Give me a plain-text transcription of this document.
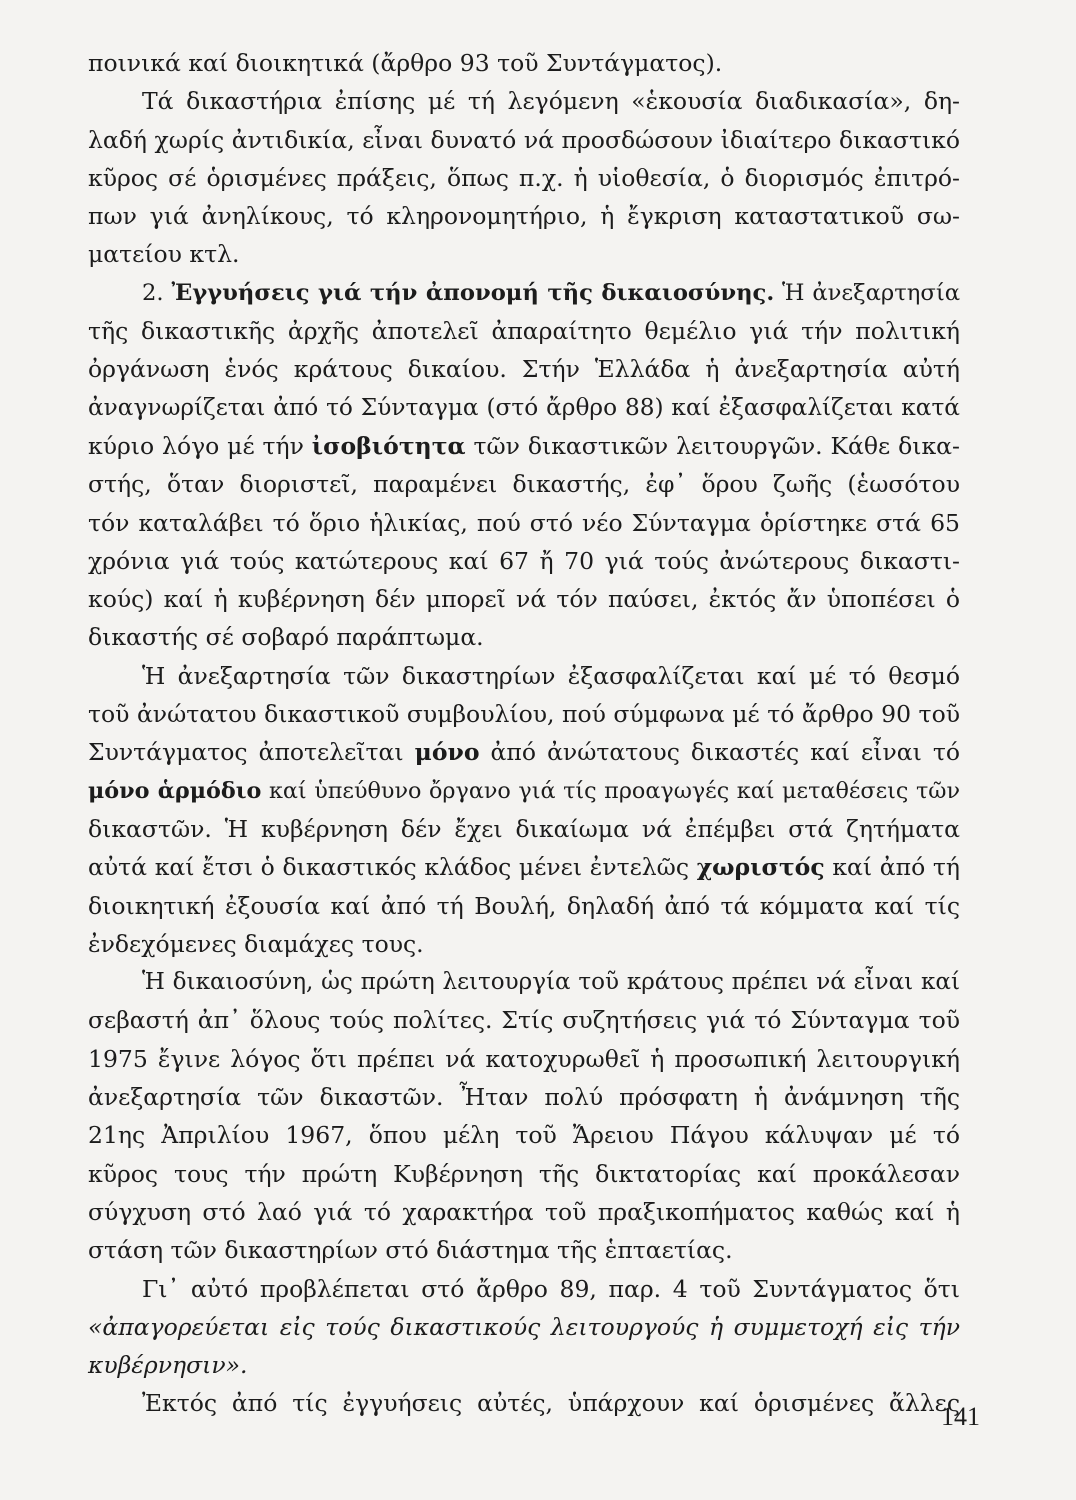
ποινικά καί διοικητικά (ἄρθρο 93 τοῦ Συντάγματος).
Τά δικαστήρια ἐπίσης μέ τή λεγόμενη «ἑκουσία διαδικασία», δη-
λαδή χωρίς ἀντιδικία, εἶναι δυνατό νά προσδώσουν ἰδιαίτερο δικαστικό
κῦρος σέ ὁρισμένες πράξεις, ὅπως π.χ. ἡ υἱοθεσία, ὁ διορισμός ἐπιτρό-
πων γιά ἀνηλίκους, τό κληρονομητήριο, ἡ ἔγκριση καταστατικοῦ σω-
ματείου κτλ.
2. Ἐγγυήσεις γιά τήν ἀπονομή τῆς δικαιοσύνης. Ἡ ἀνεξαρτησία
τῆς δικαστικῆς ἀρχῆς ἀποτελεῖ ἀπαραίτητο θεμέλιο γιά τήν πολιτική
ὀργάνωση ἑνός κράτους δικαίου. Στήν Ἑλλάδα ἡ ἀνεξαρτησία αὐτή
ἀναγνωρίζεται ἀπό τό Σύνταγμα (στό ἄρθρο 88) καί ἐξασφαλίζεται κατά
κύριο λόγο μέ τήν ἰσοβιότητα τῶν δικαστικῶν λειτουργῶν. Κάθε δικα-
στής, ὅταν διοριστεῖ, παραμένει δικαστής, ἐφ᾿ ὅρου ζωῆς (ἑωσότου
τόν καταλάβει τό ὅριο ἡλικίας, πού στό νέο Σύνταγμα ὁρίστηκε στά 65
χρόνια γιά τούς κατώτερους καί 67 ἤ 70 γιά τούς ἀνώτερους δικαστι-
κούς) καί ἡ κυβέρνηση δέν μπορεῖ νά τόν παύσει, ἐκτός ἄν ὑποπέσει ὁ
δικαστής σέ σοβαρό παράπτωμα.
Ἡ ἀνεξαρτησία τῶν δικαστηρίων ἐξασφαλίζεται καί μέ τό θεσμό
τοῦ ἀνώτατου δικαστικοῦ συμβουλίου, πού σύμφωνα μέ τό ἄρθρο 90 τοῦ
Συντάγματος ἀποτελεῖται μόνο ἀπό ἀνώτατους δικαστές καί εἶναι τό
μόνο ἁρμόδιο καί ὑπεύθυνο ὄργανο γιά τίς προαγωγές καί μεταθέσεις τῶν
δικαστῶν. Ἡ κυβέρνηση δέν ἔχει δικαίωμα νά ἐπέμβει στά ζητήματα
αὐτά καί ἔτσι ὁ δικαστικός κλάδος μένει ἐντελῶς χωριστός καί ἀπό τή
διοικητική ἐξουσία καί ἀπό τή Βουλή, δηλαδή ἀπό τά κόμματα καί τίς
ἐνδεχόμενες διαμάχες τους.
Ἡ δικαιοσύνη, ὡς πρώτη λειτουργία τοῦ κράτους πρέπει νά εἶναι καί
σεβαστή ἀπ᾿ ὅλους τούς πολίτες. Στίς συζητήσεις γιά τό Σύνταγμα τοῦ
1975 ἔγινε λόγος ὅτι πρέπει νά κατοχυρωθεῖ ἡ προσωπική λειτουργική
ἀνεξαρτησία τῶν δικαστῶν. Ἦταν πολύ πρόσφατη ἡ ἀνάμνηση τῆς
21ης Ἀπριλίου 1967, ὅπου μέλη τοῦ Ἄρειου Πάγου κάλυψαν μέ τό
κῦρος τους τήν πρώτη Κυβέρνηση τῆς δικτατορίας καί προκάλεσαν
σύγχυση στό λαό γιά τό χαρακτήρα τοῦ πραξικοπήματος καθώς καί ἡ
στάση τῶν δικαστηρίων στό διάστημα τῆς ἑπταετίας.
Γι᾿ αὐτό προβλέπεται στό ἄρθρο 89, παρ. 4 τοῦ Συντάγματος ὅτι
«ἀπαγορεύεται εἰς τούς δικαστικούς λειτουργούς ἡ συμμετοχή εἰς τήν
κυβέρνησιν».
Ἐκτός ἀπό τίς ἐγγυήσεις αὐτές, ὑπάρχουν καί ὁρισμένες ἄλλες
141
